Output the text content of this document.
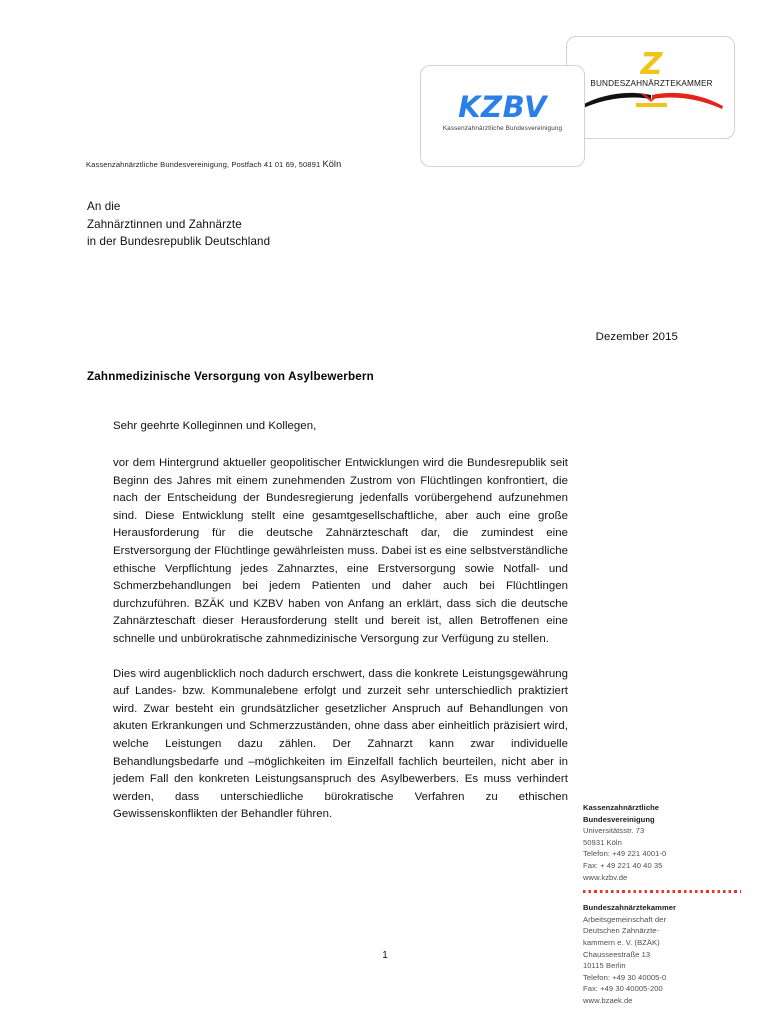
Z
BUNDESZAHNÄRZTEKAMMER
KZBV
Kassenzahnärztliche Bundesvereinigung
Kassenzahnärztliche Bundesvereinigung, Postfach 41 01 69, 50891 Köln
An die
Zahnärztinnen und Zahnärzte
in der Bundesrepublik Deutschland
Dezember 2015
Zahnmedizinische Versorgung von Asylbewerbern
Sehr geehrte Kolleginnen und Kollegen,

vor dem Hintergrund aktueller geopolitischer Entwicklungen wird die Bundesrepublik seit Beginn des Jahres mit einem zunehmenden Zustrom von Flüchtlingen konfrontiert, die nach der Entscheidung der Bundesregierung jedenfalls vorübergehend aufzunehmen sind. Diese Entwicklung stellt eine gesamtgesellschaftliche, aber auch eine große Herausforderung für die deutsche Zahnärzteschaft dar, die zumindest eine Erstversorgung der Flüchtlinge gewährleisten muss. Dabei ist es eine selbstverständliche ethische Verpflichtung jedes Zahnarztes, eine Erstversorgung sowie Notfall- und Schmerzbehandlungen bei jedem Patienten und daher auch bei Flüchtlingen durchzuführen. BZÄK und KZBV haben von Anfang an erklärt, dass sich die deutsche Zahnärzteschaft dieser Herausforderung stellt und bereit ist, allen Betroffenen eine schnelle und unbürokratische zahnmedizinische Versorgung zur Verfügung zu stellen.

Dies wird augenblicklich noch dadurch erschwert, dass die konkrete Leistungsgewährung auf Landes- bzw. Kommunalebene erfolgt und zurzeit sehr unterschiedlich praktiziert wird. Zwar besteht ein grundsätzlicher gesetzlicher Anspruch auf Behandlungen von akuten Erkrankungen und Schmerzzuständen, ohne dass aber einheitlich präzisiert wird, welche Leistungen dazu zählen. Der Zahnarzt kann zwar individuelle Behandlungsbedarfe und –möglichkeiten im Einzelfall fachlich beurteilen, nicht aber in jedem Fall den konkreten Leistungsanspruch des Asylbewerbers. Es muss verhindert werden, dass unterschiedliche bürokratische Verfahren zu ethischen Gewissenskonflikten der Behandler führen.

Kassenzahnärztliche
Bundesvereinigung
Universitätsstr. 73
50931 Köln
Telefon: +49 221 4001-0
Fax: + 49 221 40 40 35
www.kzbv.de
Bundeszahnärztekammer
Arbeitsgemeinschaft der
Deutschen Zahnärzte-
kammern e. V. (BZÄK)
Chausseestraße 13
10115 Berlin
Telefon: +49 30 40005-0
Fax: +49 30 40005-200
www.bzaek.de
1
